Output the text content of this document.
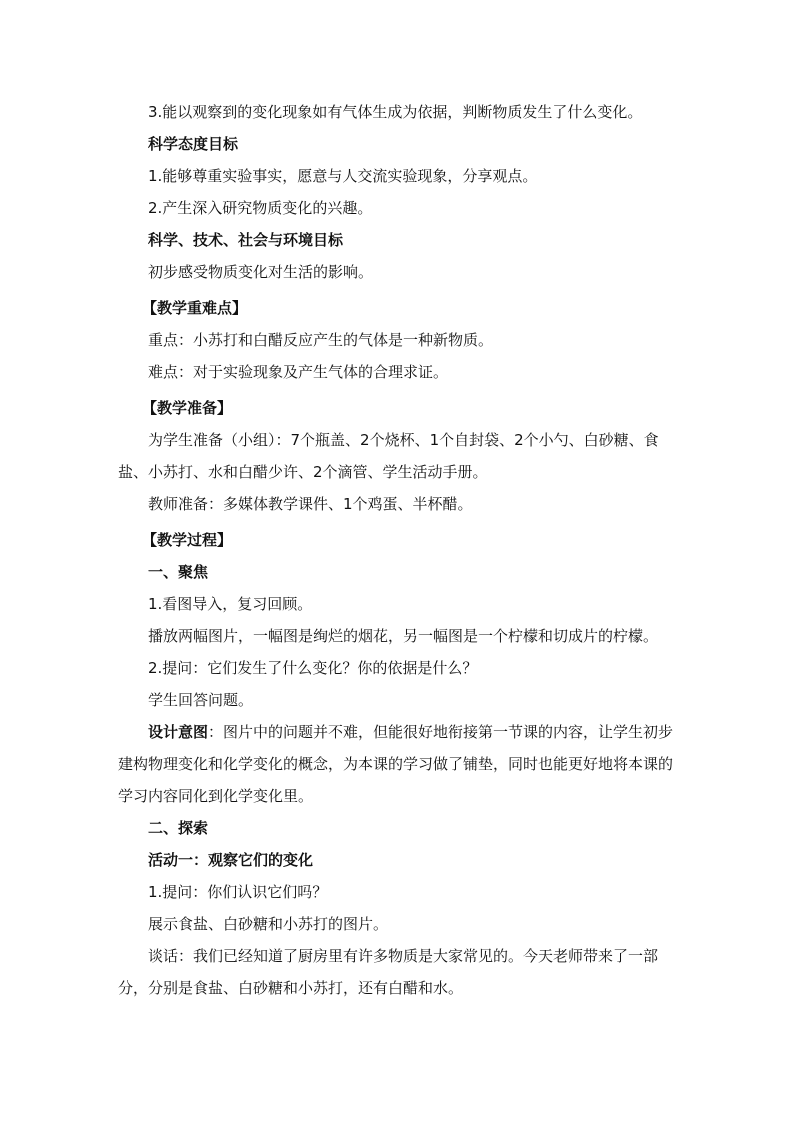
3.能以观察到的变化现象如有气体生成为依据，判断物质发生了什么变化。

科学态度目标

1.能够尊重实验事实，愿意与人交流实验现象，分享观点。

2.产生深入研究物质变化的兴趣。

科学、技术、社会与环境目标

初步感受物质变化对生活的影响。

【教学重难点】

重点：小苏打和白醋反应产生的气体是一种新物质。

难点：对于实验现象及产生气体的合理求证。

【教学准备】

为学生准备（小组）：7个瓶盖、2个烧杯、1个自封袋、2个小勺、白砂糖、食盐、小苏打、水和白醋少许、2个滴管、学生活动手册。

教师准备：多媒体教学课件、1个鸡蛋、半杯醋。

【教学过程】

一、聚焦

1.看图导入，复习回顾。

播放两幅图片，一幅图是绚烂的烟花，另一幅图是一个柠檬和切成片的柠檬。

2.提问：它们发生了什么变化？你的依据是什么？

学生回答问题。

设计意图：图片中的问题并不难，但能很好地衔接第一节课的内容，让学生初步建构物理变化和化学变化的概念，为本课的学习做了铺垫，同时也能更好地将本课的学习内容同化到化学变化里。

二、探索

活动一：观察它们的变化

1.提问：你们认识它们吗？

展示食盐、白砂糖和小苏打的图片。

谈话：我们已经知道了厨房里有许多物质是大家常见的。今天老师带来了一部分，分别是食盐、白砂糖和小苏打，还有白醋和水。
